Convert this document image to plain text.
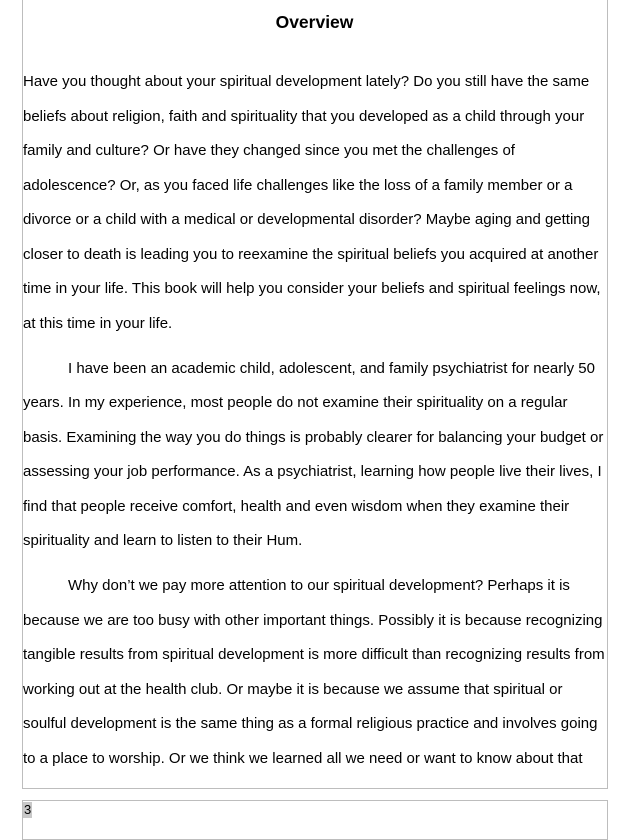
Overview
Have you thought about your spiritual development lately? Do you still have the same
beliefs about religion, faith and spirituality that you developed as a child through your
family and culture? Or have they changed since you met the challenges of
adolescence? Or, as you faced life challenges like the loss of a family member or a
divorce or a child with a medical or developmental disorder? Maybe aging and getting
closer to death is leading you to reexamine the spiritual beliefs you acquired at another
time in your life. This book will help you consider your beliefs and spiritual feelings now,
at this time in your life.
I have been an academic child, adolescent, and family psychiatrist for nearly 50
years. In my experience, most people do not examine their spirituality on a regular
basis. Examining the way you do things is probably clearer for balancing your budget or
assessing your job performance. As a psychiatrist, learning how people live their lives, I
find that people receive comfort, health and even wisdom when they examine their
spirituality and learn to listen to their Hum.
Why don’t we pay more attention to our spiritual development? Perhaps it is
because we are too busy with other important things. Possibly it is because recognizing
tangible results from spiritual development is more difficult than recognizing results from
working out at the health club. Or maybe it is because we assume that spiritual or
soulful development is the same thing as a formal religious practice and involves going
to a place to worship. Or we think we learned all we need or want to know about that
3
